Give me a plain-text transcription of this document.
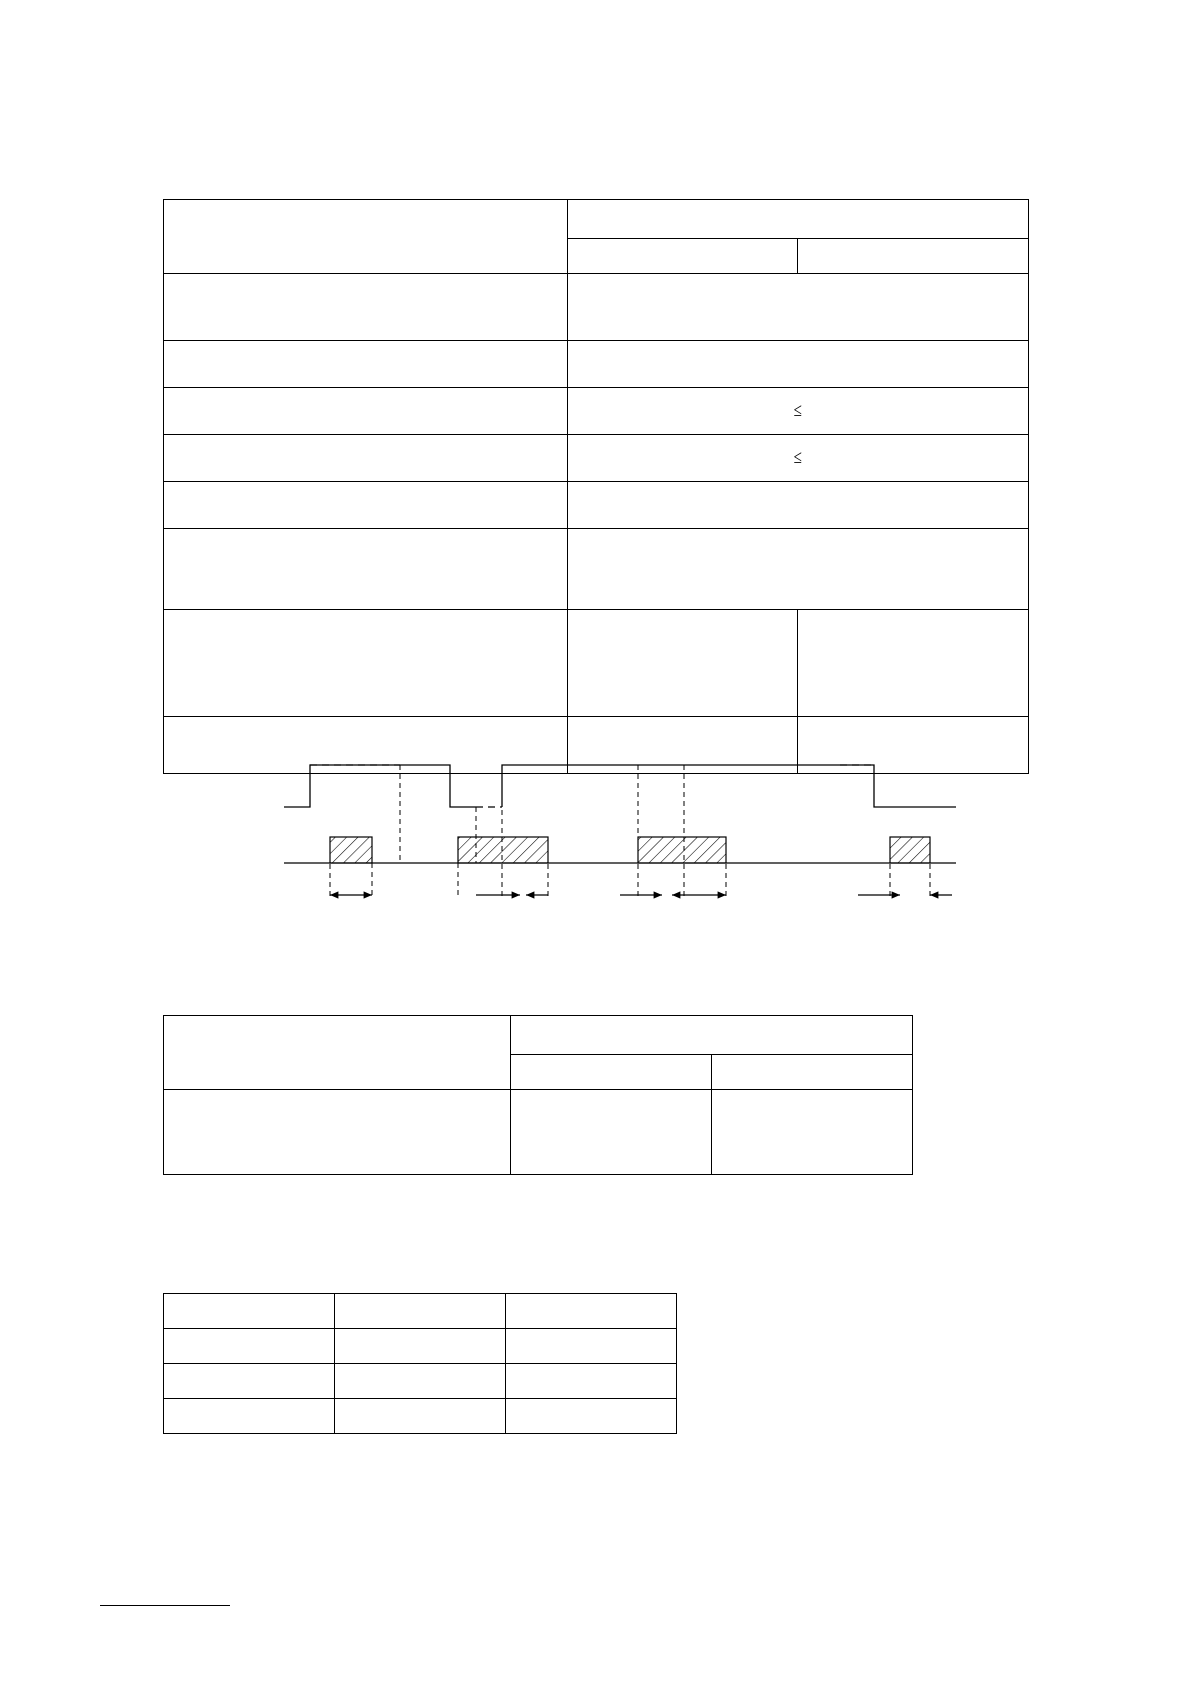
	≤	
	≤	
